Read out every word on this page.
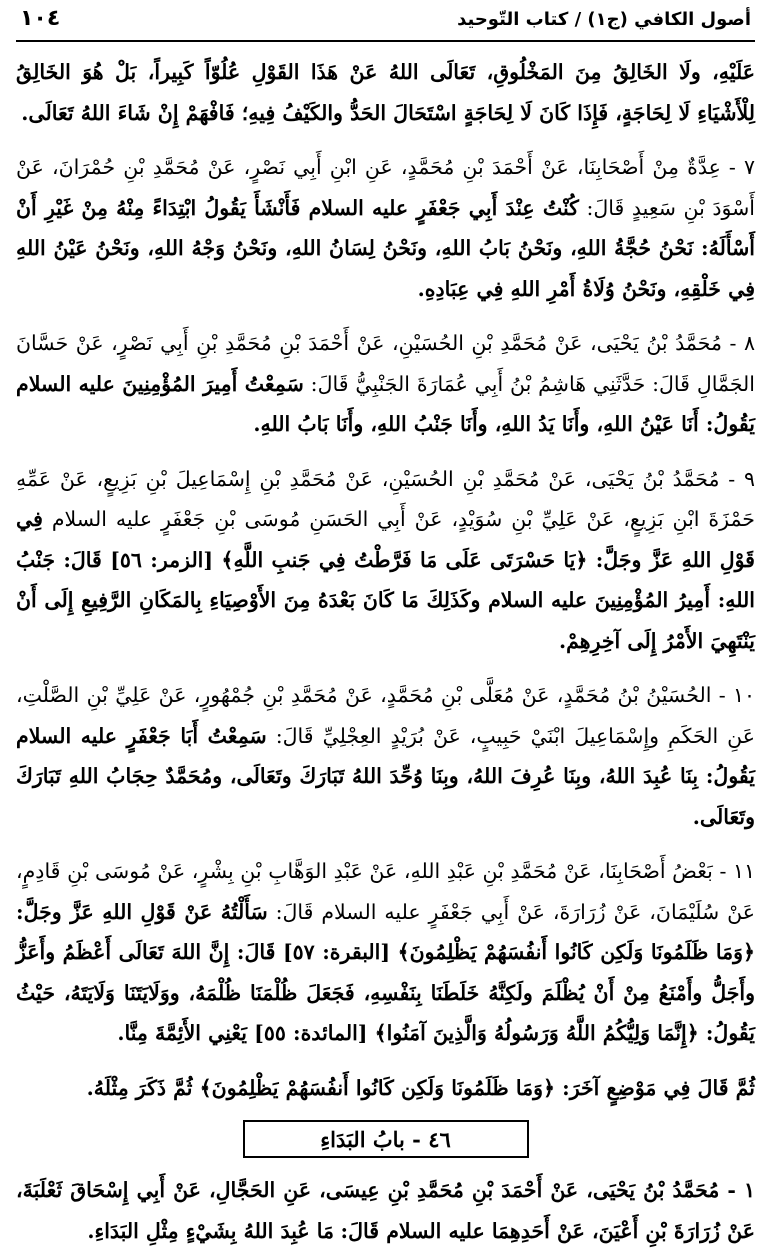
أصول الكافي (ج١) / كتاب التّوحيد
١٠٤

عَلَيْهِ، ولَا الخَالِقُ مِنَ المَخْلُوقِ، تَعَالَى اللهُ عَنْ هَذَا القَوْلِ عُلُوّاً كَبِيراً، بَلْ هُوَ الخَالِقُ لِلْأَشْيَاءِ لَا لِحَاجَةٍ، فَإِذَا كَانَ لَا لِحَاجَةٍ اسْتَحَالَ الحَدُّ والكَيْفُ فِيهِ؛ فَافْهَمْ إِنْ شَاءَ اللهُ تَعَالَى.

٧ - عِدَّةٌ مِنْ أَصْحَابِنَا، عَنْ أَحْمَدَ بْنِ مُحَمَّدٍ، عَنِ ابْنِ أَبِي نَصْرٍ، عَنْ مُحَمَّدِ بْنِ حُمْرَانَ، عَنْ أَسْوَدَ بْنِ سَعِيدٍ قَالَ: كُنْتُ عِنْدَ أَبِي جَعْفَرٍ عليه السلام فَأَنْشَأَ يَقُولُ ابْتِدَاءً مِنْهُ مِنْ غَيْرِ أَنْ أَسْأَلَهُ: نَحْنُ حُجَّةُ اللهِ، ونَحْنُ بَابُ اللهِ، ونَحْنُ لِسَانُ اللهِ، ونَحْنُ وَجْهُ اللهِ، ونَحْنُ عَيْنُ اللهِ فِي خَلْقِهِ، ونَحْنُ وُلَاةُ أَمْرِ اللهِ فِي عِبَادِهِ.

٨ - مُحَمَّدُ بْنُ يَحْيَى، عَنْ مُحَمَّدِ بْنِ الحُسَيْنِ، عَنْ أَحْمَدَ بْنِ مُحَمَّدِ بْنِ أَبِي نَصْرٍ، عَنْ حَسَّانَ الجَمَّالِ قَالَ: حَدَّثَنِي هَاشِمُ بْنُ أَبِي عُمَارَةَ الجَنْبِيُّ قَالَ: سَمِعْتُ أَمِيرَ المُؤْمِنِينَ عليه السلام يَقُولُ: أَنَا عَيْنُ اللهِ، وأَنَا يَدُ اللهِ، وأَنَا جَنْبُ اللهِ، وأَنَا بَابُ اللهِ.

٩ - مُحَمَّدُ بْنُ يَحْيَى، عَنْ مُحَمَّدِ بْنِ الحُسَيْنِ، عَنْ مُحَمَّدِ بْنِ إِسْمَاعِيلَ بْنِ بَزِيعٍ، عَنْ عَمِّهِ حَمْزَةَ ابْنِ بَزِيعٍ، عَنْ عَلِيِّ بْنِ سُوَيْدٍ، عَنْ أَبِي الحَسَنِ مُوسَى بْنِ جَعْفَرٍ عليه السلام فِي قَوْلِ اللهِ عَزَّ وجَلَّ: ﴿يَا حَسْرَتَى عَلَى مَا فَرَّطْتُ فِي جَنبِ اللَّهِ﴾ [الزمر: ٥٦] قَالَ: جَنْبُ اللهِ: أَمِيرُ المُؤْمِنِينَ عليه السلام وكَذَلِكَ مَا كَانَ بَعْدَهُ مِنَ الأَوْصِيَاءِ بِالمَكَانِ الرَّفِيعِ إِلَى أَنْ يَنْتَهِيَ الأَمْرُ إِلَى آخِرِهِمْ.

١٠ - الحُسَيْنُ بْنُ مُحَمَّدٍ، عَنْ مُعَلَّى بْنِ مُحَمَّدٍ، عَنْ مُحَمَّدِ بْنِ جُمْهُورٍ، عَنْ عَلِيِّ بْنِ الصَّلْتِ، عَنِ الحَكَمِ وإِسْمَاعِيلَ ابْنَيْ حَبِيبٍ، عَنْ بُرَيْدٍ العِجْلِيِّ قَالَ: سَمِعْتُ أَبَا جَعْفَرٍ عليه السلام يَقُولُ: بِنَا عُبِدَ اللهُ، وبِنَا عُرِفَ اللهُ، وبِنَا وُحِّدَ اللهُ تَبَارَكَ وتَعَالَى، ومُحَمَّدٌ حِجَابُ اللهِ تَبَارَكَ وتَعَالَى.

١١ - بَعْضُ أَصْحَابِنَا، عَنْ مُحَمَّدِ بْنِ عَبْدِ اللهِ، عَنْ عَبْدِ الوَهَّابِ بْنِ بِشْرٍ، عَنْ مُوسَى بْنِ قَادِمٍ، عَنْ سُلَيْمَانَ، عَنْ زُرَارَةَ، عَنْ أَبِي جَعْفَرٍ عليه السلام قَالَ: سَأَلْتُهُ عَنْ قَوْلِ اللهِ عَزَّ وجَلَّ: ﴿وَمَا ظَلَمُونَا وَلَكِن كَانُوا أَنفُسَهُمْ يَظْلِمُونَ﴾ [البقرة: ٥٧] قَالَ: إِنَّ اللهَ تَعَالَى أَعْظَمُ وأَعَزُّ وأَجَلُّ وأَمْنَعُ مِنْ أَنْ يُظْلَمَ ولَكِنَّهُ خَلَطَنَا بِنَفْسِهِ، فَجَعَلَ ظُلْمَنَا ظُلْمَهُ، ووَلَايَتَنَا وَلَايَتَهُ، حَيْثُ يَقُولُ: ﴿إِنَّمَا وَلِيُّكُمُ اللَّهُ وَرَسُولُهُ وَالَّذِينَ آمَنُوا﴾ [المائدة: ٥٥] يَعْنِي الأَئِمَّةَ مِنَّا.

ثُمَّ قَالَ فِي مَوْضِعٍ آخَرَ: ﴿وَمَا ظَلَمُونَا وَلَكِن كَانُوا أَنفُسَهُمْ يَظْلِمُونَ﴾ ثُمَّ ذَكَرَ مِثْلَهُ.

٤٦ - بابُ البَدَاءِ

١ - مُحَمَّدُ بْنُ يَحْيَى، عَنْ أَحْمَدَ بْنِ مُحَمَّدِ بْنِ عِيسَى، عَنِ الحَجَّالِ، عَنْ أَبِي إِسْحَاقَ ثَعْلَبَةَ، عَنْ زُرَارَةَ بْنِ أَعْيَنَ، عَنْ أَحَدِهِمَا عليه السلام قَالَ: مَا عُبِدَ اللهُ بِشَيْءٍ مِثْلِ البَدَاءِ.
